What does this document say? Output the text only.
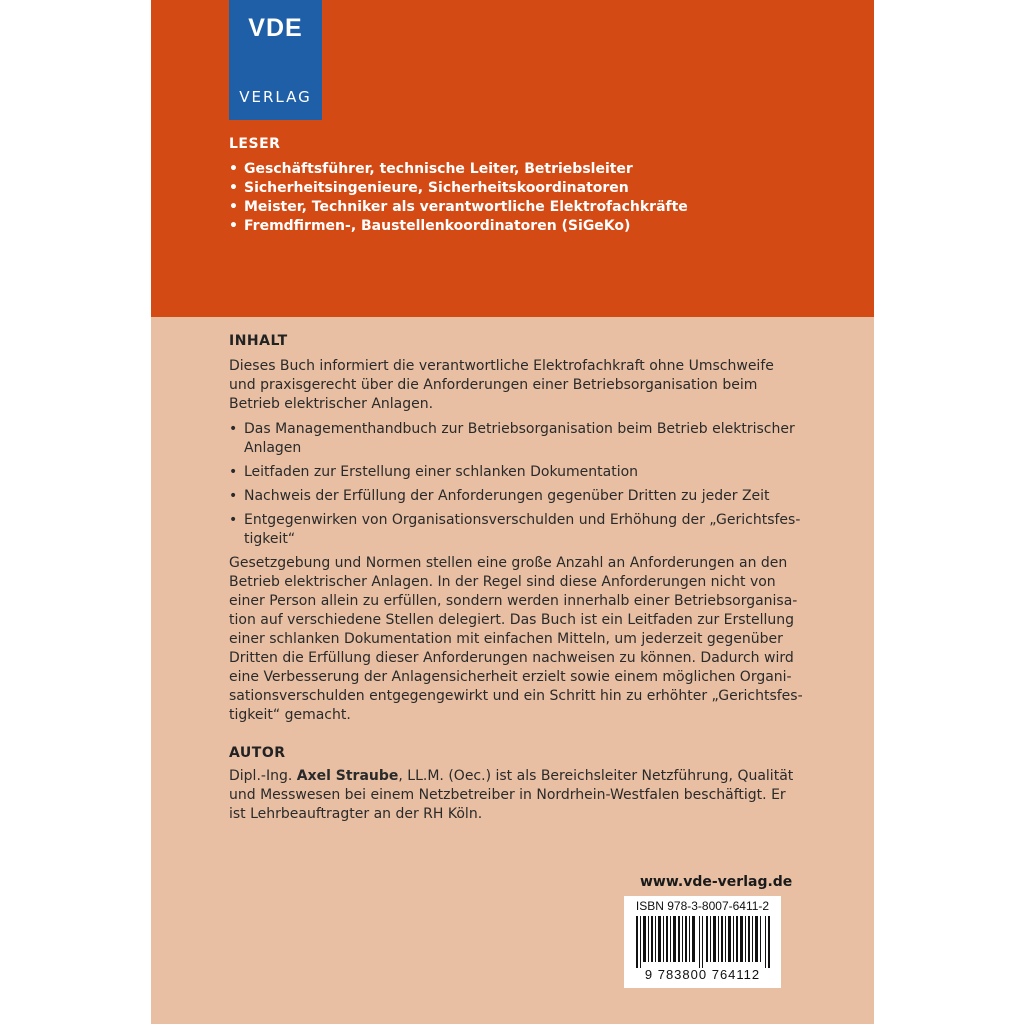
VDE
VERLAG
LESER
• Geschäftsführer, technische Leiter, Betriebsleiter
• Sicherheitsingenieure, Sicherheitskoordinatoren
• Meister, Techniker als verantwortliche Elektrofachkräfte
• Fremdfirmen-, Baustellenkoordinatoren (SiGeKo)
INHALT

Dieses Buch informiert die verantwortliche Elektrofachkraft ohne Umschweife und praxisgerecht über die Anforderungen einer Betriebsorganisation beim Betrieb elektrischer Anlagen.

• Das Managementhandbuch zur Betriebsorganisation beim Betrieb elektrischer Anlagen
• Leitfaden zur Erstellung einer schlanken Dokumentation
• Nachweis der Erfüllung der Anforderungen gegenüber Dritten zu jeder Zeit
• Entgegenwirken von Organisationsverschulden und Erhöhung der „Gerichtsfes-tigkeit“

Gesetzgebung und Normen stellen eine große Anzahl an Anforderungen an den Betrieb elektrischer Anlagen. In der Regel sind diese Anforderungen nicht von einer Person allein zu erfüllen, sondern werden innerhalb einer Betriebsorganisa-tion auf verschiedene Stellen delegiert. Das Buch ist ein Leitfaden zur Erstellung einer schlanken Dokumentation mit einfachen Mitteln, um jederzeit gegenüber Dritten die Erfüllung dieser Anforderungen nachweisen zu können. Dadurch wird eine Verbesserung der Anlagensicherheit erzielt sowie einem möglichen Organi-sationsverschulden entgegengewirkt und ein Schritt hin zu erhöhter „Gerichtsfes-tigkeit“ gemacht.

AUTOR

Dipl.-Ing. Axel Straube, LL.M. (Oec.) ist als Bereichsleiter Netzführung, Qualität und Messwesen bei einem Netzbetreiber in Nordrhein-Westfalen beschäftigt. Er ist Lehrbeauftragter an der RH Köln.

www.vde-verlag.de
ISBN 978-3-8007-6411-2
9 783800 764112
